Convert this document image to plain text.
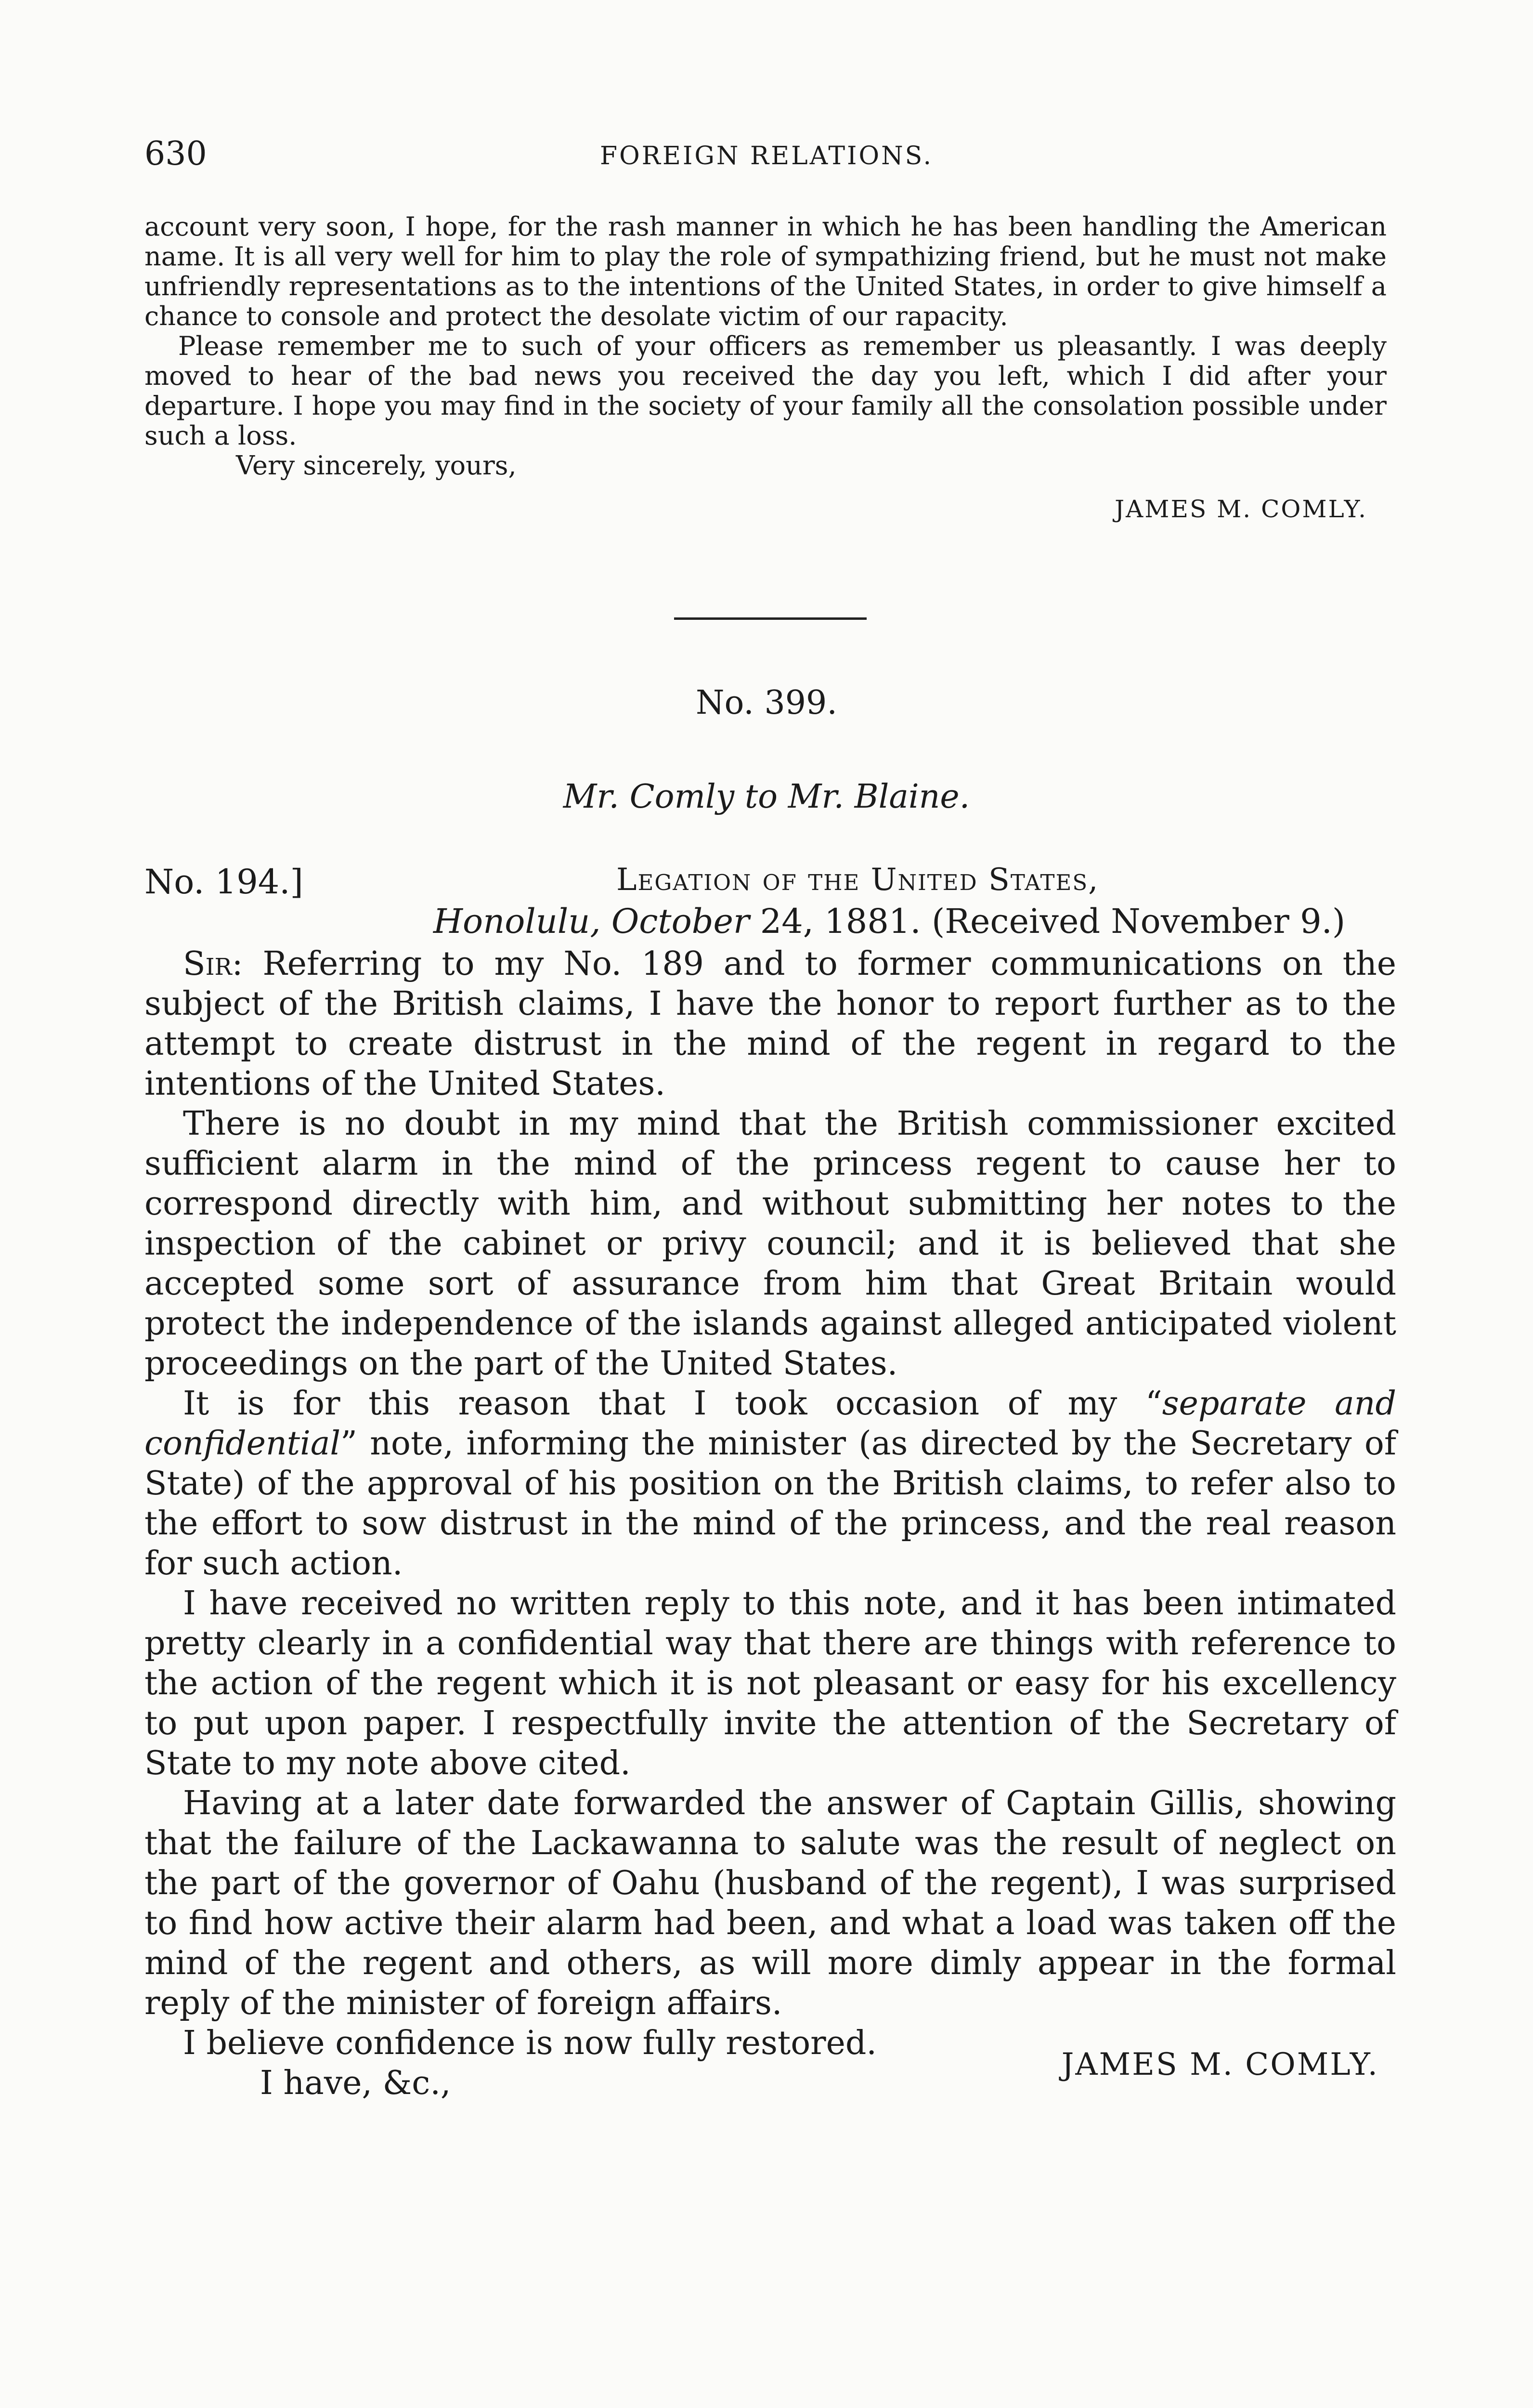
630	FOREIGN RELATIONS.

account very soon, I hope, for the rash manner in which he has been handling the American name. It is all very well for him to play the role of sympathizing friend, but he must not make unfriendly representations as to the intentions of the United States, in order to give himself a chance to console and protect the desolate victim of our rapacity.

Please remember me to such of your officers as remember us pleasantly. I was deeply moved to hear of the bad news you received the day you left, which I did after your departure. I hope you may find in the society of your family all the consolation possible under such a loss.

Very sincerely, yours,

JAMES M. COMLY.

No. 399.
Mr. Comly to Mr. Blaine.
No. 194.]	Legation of the United States,
Honolulu, October 24, 1881. (Received November 9.)

Sir: Referring to my No. 189 and to former communications on the subject of the British claims, I have the honor to report further as to the attempt to create distrust in the mind of the regent in regard to the intentions of the United States.

There is no doubt in my mind that the British commissioner excited sufficient alarm in the mind of the princess regent to cause her to correspond directly with him, and without submitting her notes to the inspection of the cabinet or privy council; and it is believed that she accepted some sort of assurance from him that Great Britain would protect the independence of the islands against alleged anticipated violent proceedings on the part of the United States.

It is for this reason that I took occasion of my “separate and confidential” note, informing the minister (as directed by the Secretary of State) of the approval of his position on the British claims, to refer also to the effort to sow distrust in the mind of the princess, and the real reason for such action.

I have received no written reply to this note, and it has been intimated pretty clearly in a confidential way that there are things with reference to the action of the regent which it is not pleasant or easy for his excellency to put upon paper. I respectfully invite the attention of the Secretary of State to my note above cited.

Having at a later date forwarded the answer of Captain Gillis, showing that the failure of the Lackawanna to salute was the result of neglect on the part of the governor of Oahu (husband of the regent), I was surprised to find how active their alarm had been, and what a load was taken off the mind of the regent and others, as will more dimly appear in the formal reply of the minister of foreign affairs.

I believe confidence is now fully restored.

I have, &c.,	JAMES M. COMLY.
